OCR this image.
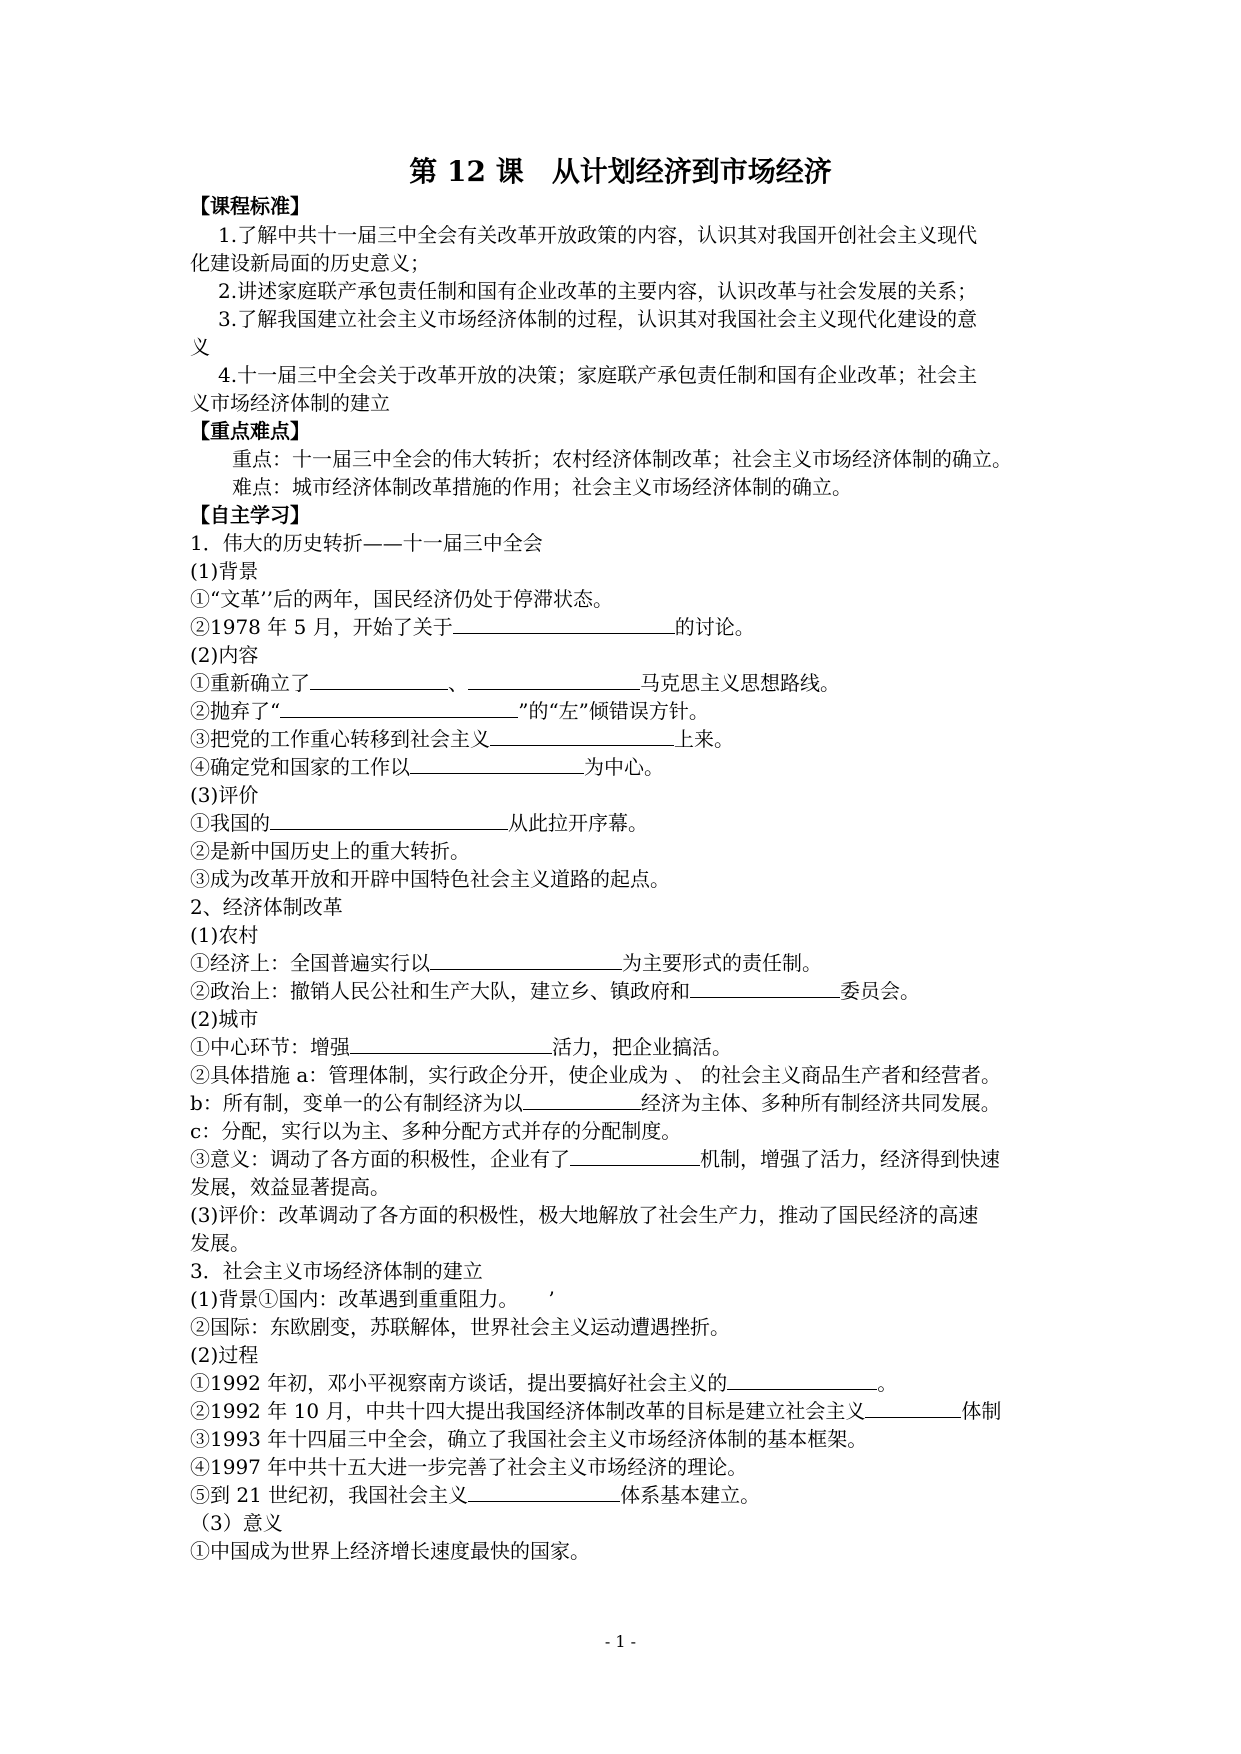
第 12 课　从计划经济到市场经济
【课程标准】
1.了解中共十一届三中全会有关改革开放政策的内容，认识其对我国开创社会主义现代
化建设新局面的历史意义；
2.讲述家庭联产承包责任制和国有企业改革的主要内容，认识改革与社会发展的关系；
3.了解我国建立社会主义市场经济体制的过程，认识其对我国社会主义现代化建设的意
义
4.十一届三中全会关于改革开放的决策；家庭联产承包责任制和国有企业改革；社会主
义市场经济体制的建立
【重点难点】
重点：十一届三中全会的伟大转折；农村经济体制改革；社会主义市场经济体制的确立。
难点：城市经济体制改革措施的作用；社会主义市场经济体制的确立。
【自主学习】
1．伟大的历史转折——十一届三中全会
(1)背景
①“文革’’后的两年，国民经济仍处于停滞状态。
②1978 年 5 月，开始了关于	的讨论。
(2)内容
①重新确立了	、	马克思主义思想路线。
②抛弃了“	”的“左”倾错误方针。
③把党的工作重心转移到社会主义	上来。
④确定党和国家的工作以	为中心。
(3)评价
①我国的	从此拉开序幕。
②是新中国历史上的重大转折。
③成为改革开放和开辟中国特色社会主义道路的起点。
2、经济体制改革
(1)农村
①经济上：全国普遍实行以	为主要形式的责任制。
②政治上：撤销人民公社和生产大队，建立乡、镇政府和	委员会。
(2)城市
①中心环节：增强	活力，把企业搞活。
②具体措施 a：管理体制，实行政企分开，使企业成为 、 的社会主义商品生产者和经营者。
b：所有制，变单一的公有制经济为以	经济为主体、多种所有制经济共同发展。
c：分配，实行以为主、多种分配方式并存的分配制度。
③意义：调动了各方面的积极性，企业有了	机制，增强了活力，经济得到快速
发展，效益显著提高。
(3)评价：改革调动了各方面的积极性，极大地解放了社会生产力，推动了国民经济的高速
发展。
3．社会主义市场经济体制的建立
(1)背景①国内：改革遇到重重阻力。　　’
②国际：东欧剧变，苏联解体，世界社会主义运动遭遇挫折。
(2)过程
①1992 年初，邓小平视察南方谈话，提出要搞好社会主义的	。
②1992 年 10 月，中共十四大提出我国经济体制改革的目标是建立社会主义	体制
③1993 年十四届三中全会，确立了我国社会主义市场经济体制的基本框架。
④1997 年中共十五大进一步完善了社会主义市场经济的理论。
⑤到 21 世纪初，我国社会主义	体系基本建立。
（3）意义
①中国成为世界上经济增长速度最快的国家。
- 1 -
